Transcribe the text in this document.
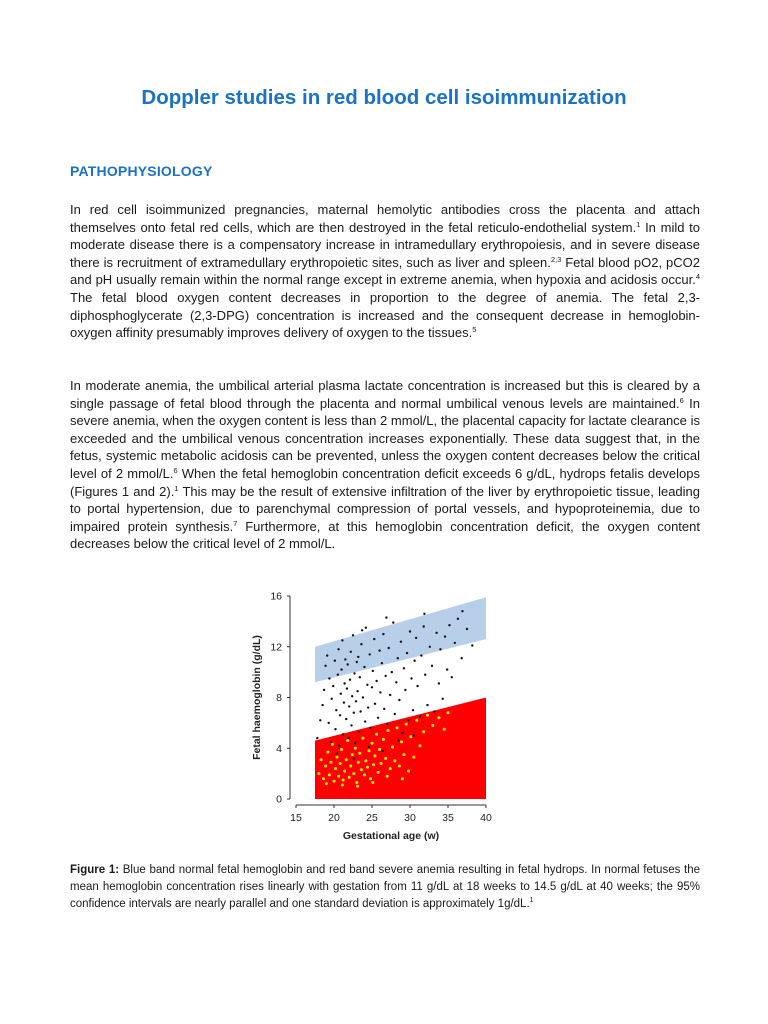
Doppler studies in red blood cell isoimmunization
PATHOPHYSIOLOGY

In red cell isoimmunized pregnancies, maternal hemolytic antibodies cross the placenta and attach themselves onto fetal red cells, which are then destroyed in the fetal reticulo-endothelial system.$^1$ In mild to moderate disease there is a compensatory increase in intramedullary erythropoiesis, and in severe disease there is recruitment of extramedullary erythropoietic sites, such as liver and spleen.$^{2,3}$ Fetal blood pO2, pCO2 and pH usually remain within the normal range except in extreme anemia, when hypoxia and acidosis occur.$^4$ The fetal blood oxygen content decreases in proportion to the degree of anemia. The fetal 2,3-diphosphoglycerate (2,3-DPG) concentration is increased and the consequent decrease in hemoglobin-oxygen affinity presumably improves delivery of oxygen to the tissues.$^5$

In moderate anemia, the umbilical arterial plasma lactate concentration is increased but this is cleared by a single passage of fetal blood through the placenta and normal umbilical venous levels are maintained.$^6$ In severe anemia, when the oxygen content is less than 2 mmol/L, the placental capacity for lactate clearance is exceeded and the umbilical venous concentration increases exponentially. These data suggest that, in the fetus, systemic metabolic acidosis can be prevented, unless the oxygen content decreases below the critical level of 2 mmol/L.$^6$ When the fetal hemoglobin concentration deficit exceeds 6 g/dL, hydrops fetalis develops (Figures 1 and 2).$^1$ This may be the result of extensive infiltration of the liver by erythropoietic tissue, leading to portal hypertension, due to parenchymal compression of portal vessels, and hypoproteinemia, due to impaired protein synthesis.$^7$ Furthermore, at this hemoglobin concentration deficit, the oxygen content decreases below the critical level of 2 mmol/L.

0
4
8
12
16
15	20	25	30	35	40
Gestational age (w)
Fetal haemoglobin (g/dL)

Figure 1: Blue band normal fetal hemoglobin and red band severe anemia resulting in fetal hydrops. In normal fetuses the mean hemoglobin concentration rises linearly with gestation from 11 g/dL at 18 weeks to 14.5 g/dL at 40 weeks; the 95% confidence intervals are nearly parallel and one standard deviation is approximately 1g/dL.$^1$
